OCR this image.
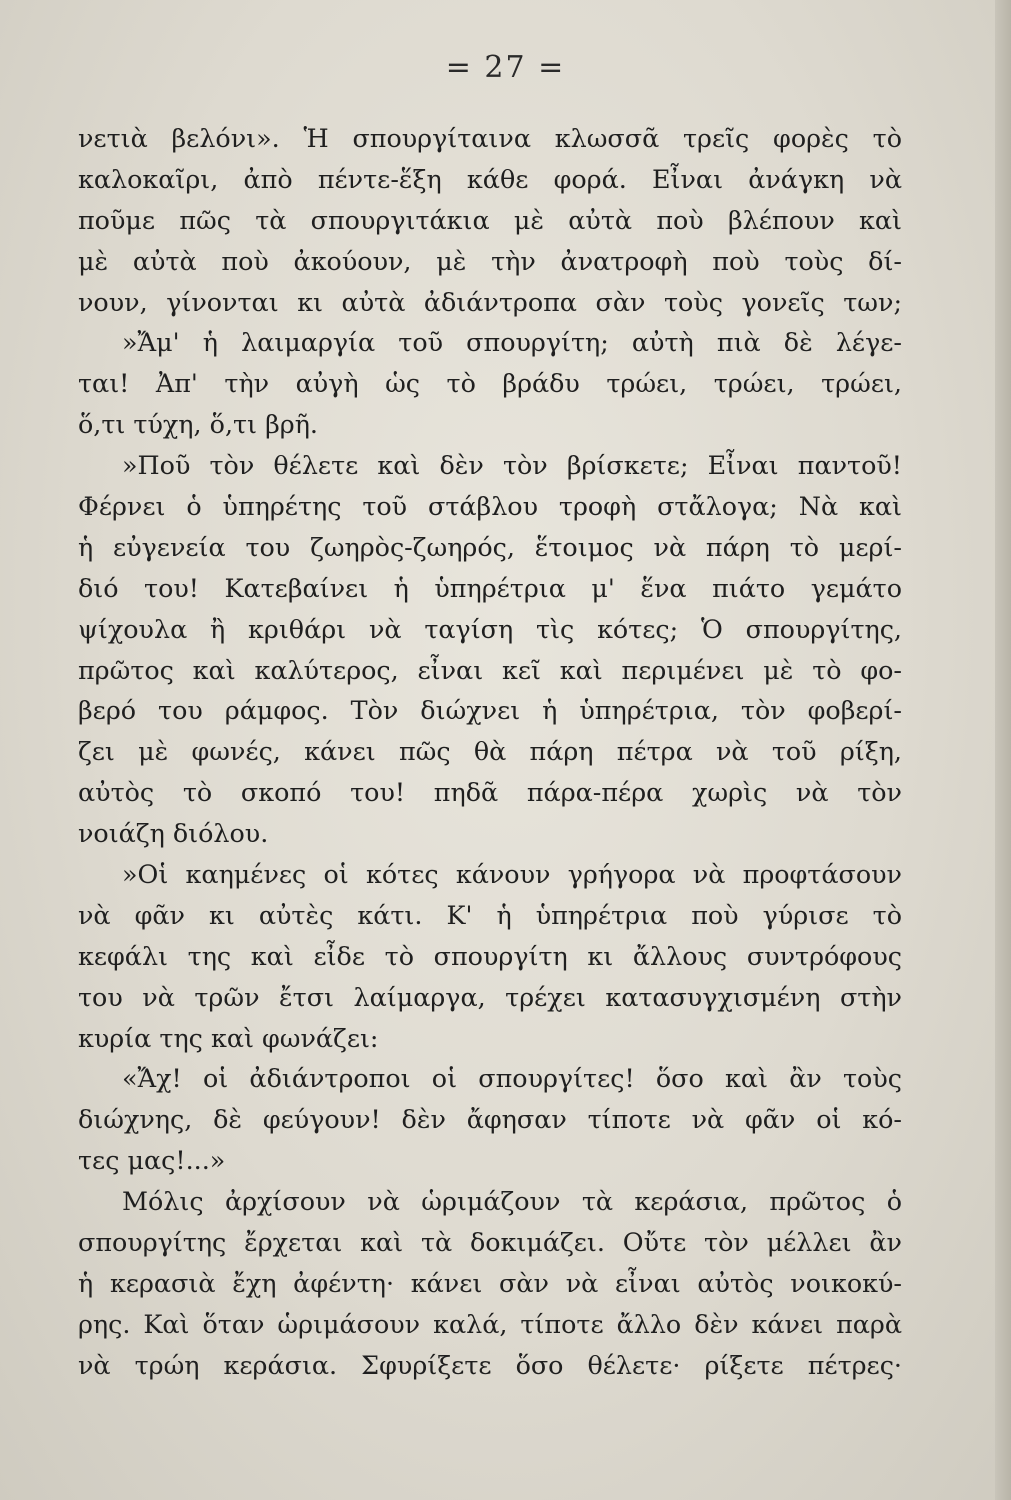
= 27 =
νετιὰ βελόνι». Ἡ σπουργίταινα κλωσσᾶ τρεῖς φορὲς τὸ
καλοκαῖρι, ἀπὸ πέντε-ἕξη κάθε φορά. Εἶναι ἀνάγκη νὰ
ποῦμε πῶς τὰ σπουργιτάκια μὲ αὐτὰ ποὺ βλέπουν καὶ
μὲ αὐτὰ ποὺ ἀκούουν, μὲ τὴν ἀνατροφὴ ποὺ τοὺς δί-
νουν, γίνονται κι αὐτὰ ἀδιάντροπα σὰν τοὺς γονεῖς των;
»Ἄμ' ἡ λαιμαργία τοῦ σπουργίτη; αὐτὴ πιὰ δὲ λέγε-
ται! Ἀπ' τὴν αὐγὴ ὡς τὸ βράδυ τρώει, τρώει, τρώει,
ὅ,τι τύχη, ὅ,τι βρῆ.
»Ποῦ τὸν θέλετε καὶ δὲν τὸν βρίσκετε; Εἶναι παντοῦ!
Φέρνει ὁ ὑπηρέτης τοῦ στάβλου τροφὴ στἄλογα; Νὰ καὶ
ἡ εὐγενεία του ζωηρὸς-ζωηρός, ἕτοιμος νὰ πάρη τὸ μερί-
διό του! Κατεβαίνει ἡ ὑπηρέτρια μ' ἕνα πιάτο γεμάτο
ψίχουλα ἢ κριθάρι νὰ ταγίση τὶς κότες; Ὁ σπουργίτης,
πρῶτος καὶ καλύτερος, εἶναι κεῖ καὶ περιμένει μὲ τὸ φο-
βερό του ράμφος. Τὸν διώχνει ἡ ὑπηρέτρια, τὸν φοβερί-
ζει μὲ φωνές, κάνει πῶς θὰ πάρη πέτρα νὰ τοῦ ρίξη,
αὐτὸς τὸ σκοπό του! πηδᾶ πάρα-πέρα χωρὶς νὰ τὸν
νοιάζη διόλου.
»Οἱ καημένες οἱ κότες κάνουν γρήγορα νὰ προφτάσουν
νὰ φᾶν κι αὐτὲς κάτι. Κ' ἡ ὑπηρέτρια ποὺ γύρισε τὸ
κεφάλι της καὶ εἶδε τὸ σπουργίτη κι ἄλλους συντρόφους
του νὰ τρῶν ἔτσι λαίμαργα, τρέχει κατασυγχισμένη στὴν
κυρία της καὶ φωνάζει:
«Ἄχ! οἱ ἀδιάντροποι οἱ σπουργίτες! ὅσο καὶ ἂν τοὺς
διώχνης, δὲ φεύγουν! δὲν ἄφησαν τίποτε νὰ φᾶν οἱ κό-
τες μας!...»
Μόλις ἀρχίσουν νὰ ὡριμάζουν τὰ κεράσια, πρῶτος ὁ
σπουργίτης ἔρχεται καὶ τὰ δοκιμάζει. Οὔτε τὸν μέλλει ἂν
ἡ κερασιὰ ἔχη ἀφέντη· κάνει σὰν νὰ εἶναι αὐτὸς νοικοκύ-
ρης. Καὶ ὅταν ὡριμάσουν καλά, τίποτε ἄλλο δὲν κάνει παρὰ
νὰ τρώη κεράσια. Σφυρίξετε ὅσο θέλετε· ρίξετε πέτρες·
